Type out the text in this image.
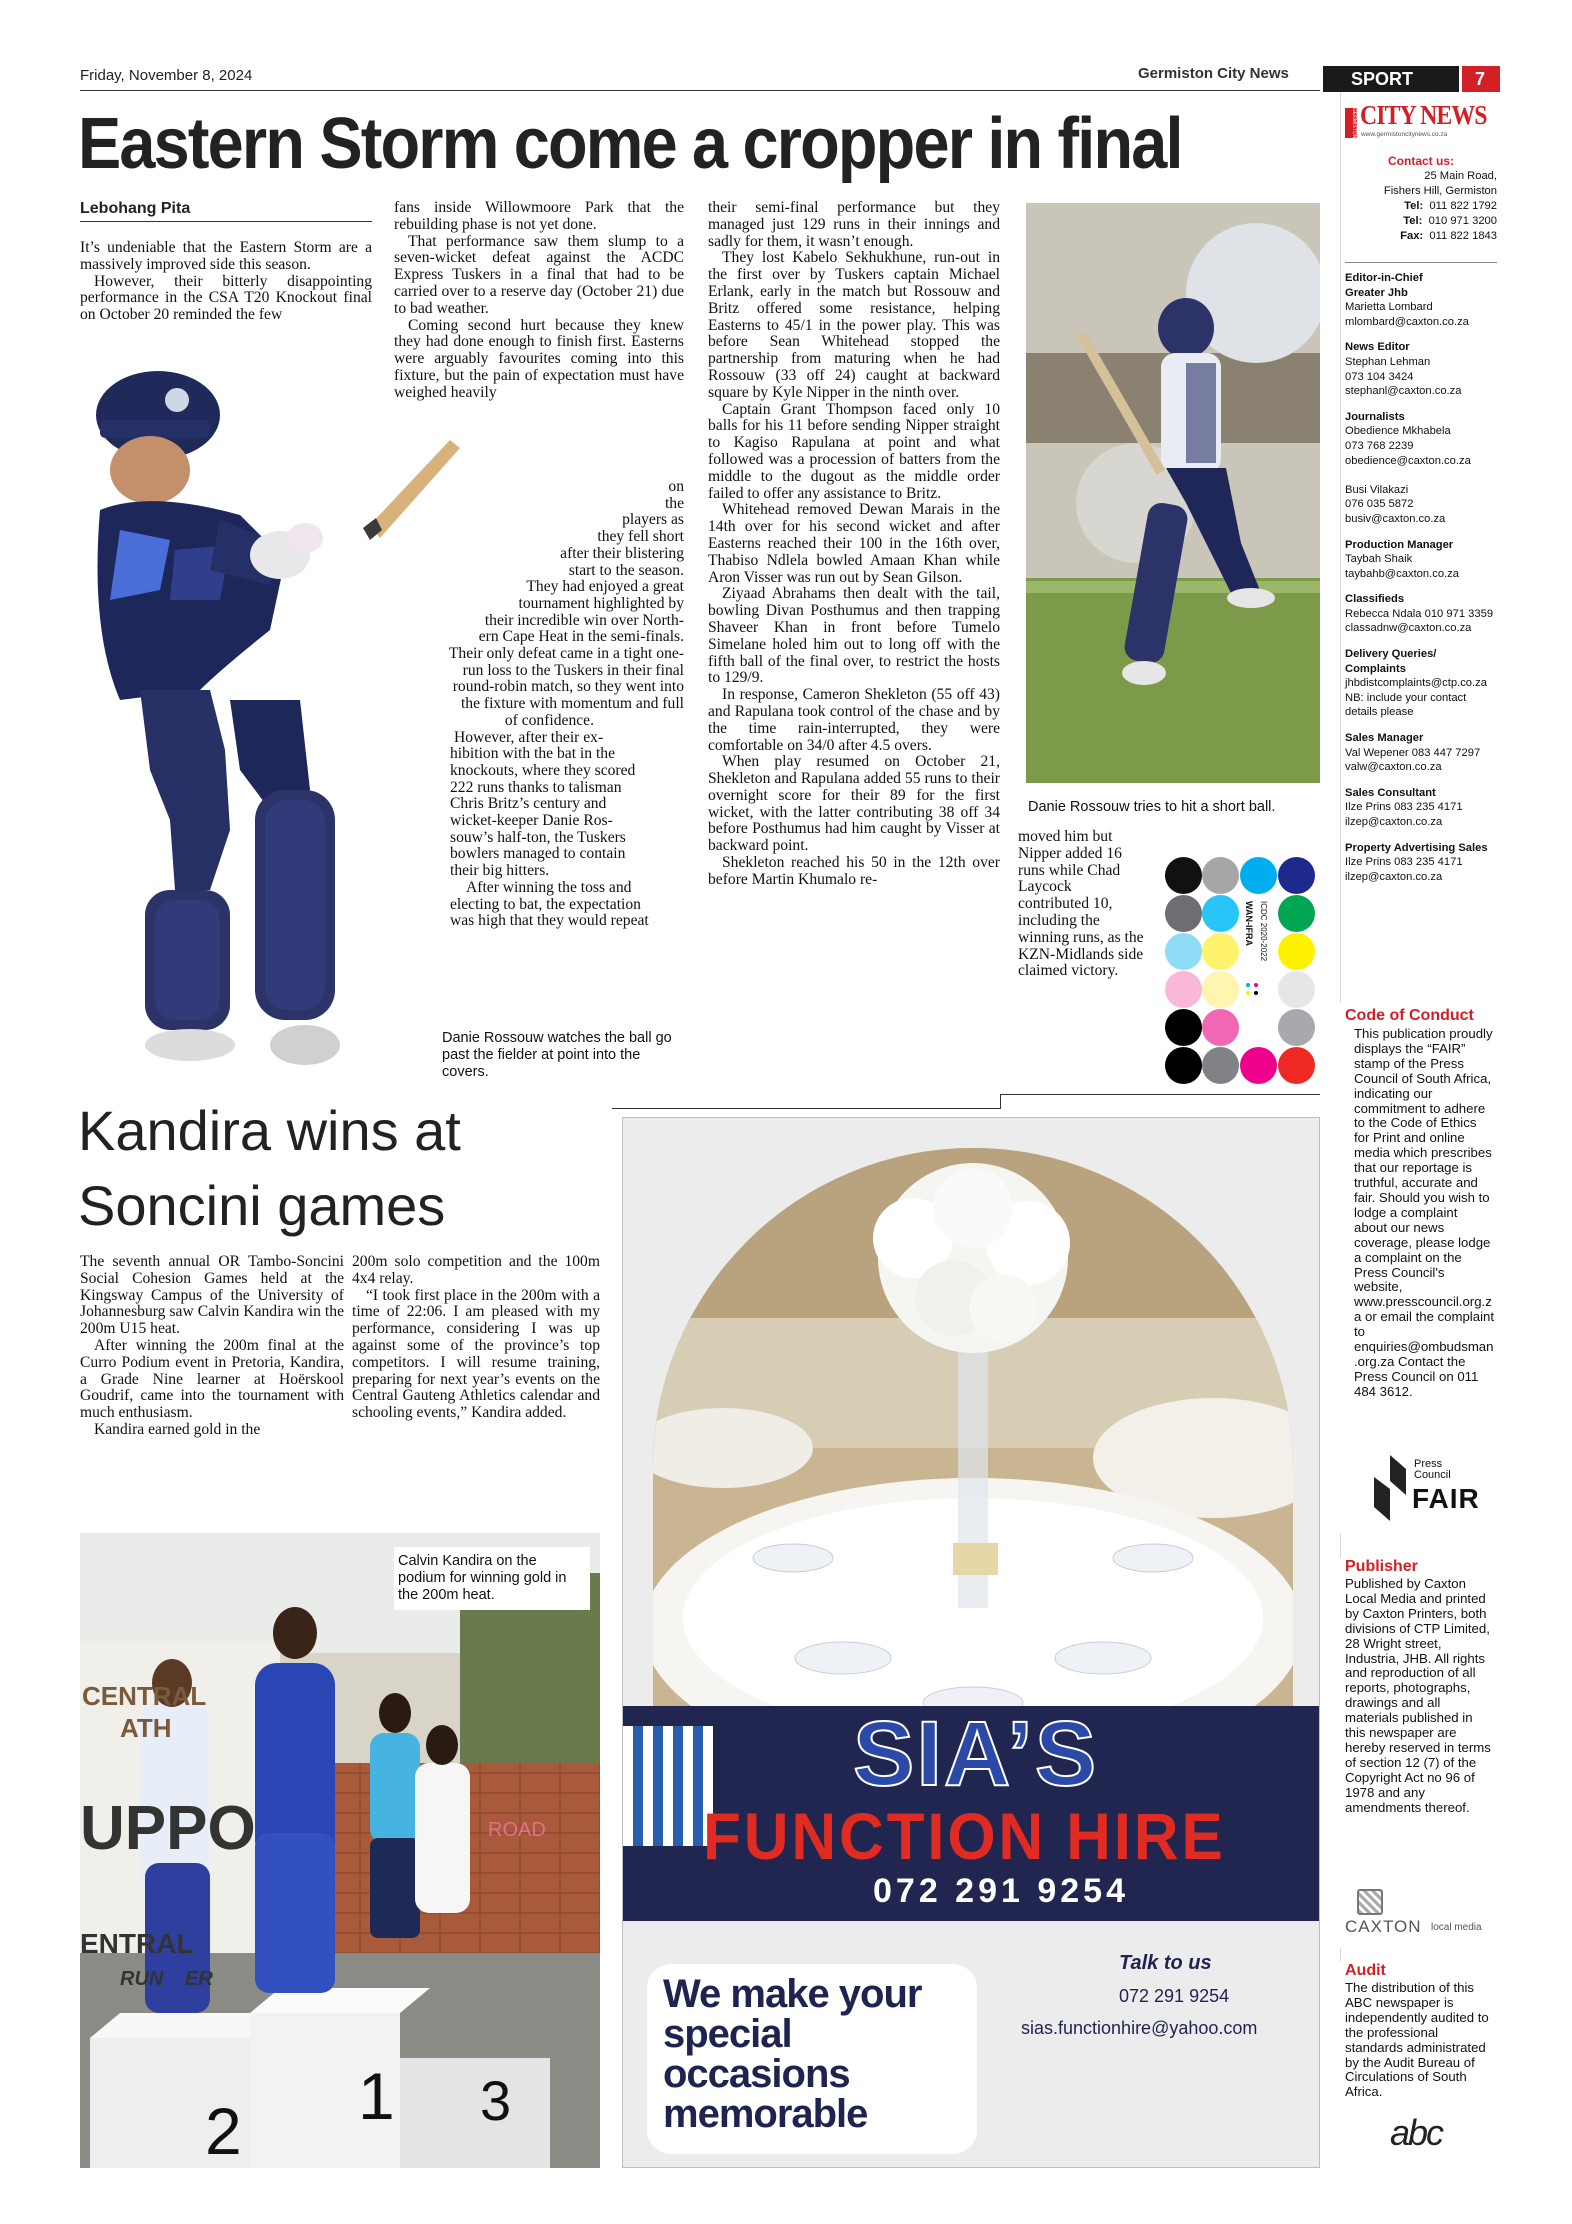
Friday, November 8, 2024	Germiston City News	SPORT	7
Eastern Storm come a cropper in final
Lebohang Pita

It’s undeniable that the Eastern Storm are a massively improved side this season.

However, their bitterly disappointing performance in the CSA T20 Knockout final on October 20 reminded the few

fans inside Willowmoore Park that the rebuilding phase is not yet done.

That performance saw them slump to a seven-wicket defeat against the ACDC Express Tuskers in a final that had to be carried over to a reserve day (October 21) due to bad weather.

Coming second hurt because they knew they had done enough to finish first. Easterns were arguably favourites coming into this fixture, but the pain of expectation must have weighed heavily

on
the
players as
they fell short
after their blistering
start to the season.
They had enjoyed a great
tournament highlighted by
their incredible win over North-
ern Cape Heat in the semi-finals.
Their only defeat came in a tight one-
run loss to the Tuskers in their final
round-robin match, so they went into
the fixture with momentum and full
of confidence.
However, after their ex-
hibition with the bat in the
knockouts, where they scored
222 runs thanks to talisman
Chris Britz’s century and
wicket-keeper Danie Ros-
souw’s half-ton, the Tuskers
bowlers managed to contain
their big hitters.
After winning the toss and
electing to bat, the expectation
was high that they would repeat
Danie Rossouw watches the ball go past the fielder at point into the covers.

their semi-final performance but they managed just 129 runs in their innings and sadly for them, it wasn’t enough.

They lost Kabelo Sekhukhune, run-out in the first over by Tuskers captain Michael Erlank, early in the match but Rossouw and Britz offered some resistance, helping Easterns to 45/1 in the power play. This was before Sean Whitehead stopped the partnership from maturing when he had Rossouw (33 off 24) caught at backward square by Kyle Nipper in the ninth over.

Captain Grant Thompson faced only 10 balls for his 11 before sending Nipper straight to Kagiso Rapulana at point and what followed was a procession of batters from the middle to the dugout as the middle order failed to offer any assistance to Britz.

Whitehead removed Dewan Marais in the 14th over for his second wicket and after Easterns reached their 100 in the 16th over, Thabiso Ndlela bowled Amaan Khan while Aron Visser was run out by Sean Gilson.

Ziyaad Abrahams then dealt with the tail, bowling Divan Posthumus and then trapping Shaveer Khan in front before Tumelo Simelane holed him out to long off with the fifth ball of the final over, to restrict the hosts to 129/9.

In response, Cameron Shekleton (55 off 43) and Rapulana took control of the chase and by the time rain-interrupted, they were comfortable on 34/0 after 4.5 overs.

When play resumed on October 21, Shekleton and Rapulana added 55 runs to their overnight score for their 89 for the first wicket, with the latter contributing 38 off 34 before Posthumus had him caught by Visser at backward point.

Shekleton reached his 50 in the 12th over before Martin Khumalo re-

Danie Rossouw tries to hit a short ball.

moved him but Nipper added 16 runs while Chad Laycock contributed 10, including the winning runs, as the KZN-Midlands side claimed victory.

WAN-IFRA ICDC 2020-2022
Kandira wins at
Soncini games

The seventh annual OR Tambo-Soncini Social Cohesion Games held at the Kingsway Campus of the University of Johannesburg saw Calvin Kandira win the 200m U15 heat.

After winning the 200m final at the Curro Podium event in Pretoria, Kandira, a Grade Nine learner at Hoërskool Goudrif, came into the tournament with much enthusiasm.

Kandira earned gold in the

200m solo competition and the 100m 4x4 relay.

“I took first place in the 200m with a time of 22:06. I am pleased with my performance, considering I was up against some of the province’s top competitors. I will resume training, preparing for next year’s events on the Central Gauteng Athletics calendar and schooling events,” Kandira added.

CENTRAL
ATH
UPPO
ENTRAL
RUN ER
ROAD
2 1 3
Calvin Kandira on the podium for winning gold in the 200m heat.
SIA’S
FUNCTION HIRE
072 291 9254
We make your
special
occasions
memorable
Talk to us
072 291 9254
sias.functionhire@yahoo.com
GERMISTON CITY NEWS
www.germistoncitynews.co.za
Contact us:
25 Main Road,
Fishers Hill, Germiston
Tel: 011 822 1792
Tel: 010 971 3200
Fax: 011 822 1843
Editor-in-Chief
Greater Jhb
Marietta Lombard
mlombard@caxton.co.za
News Editor
Stephan Lehman
073 104 3424
stephanl@caxton.co.za
Journalists
Obedience Mkhabela
073 768 2239
obedience@caxton.co.za

Busi Vilakazi
076 035 5872
busiv@caxton.co.za
Production Manager
Taybah Shaik
taybahb@caxton.co.za
Classifieds
Rebecca Ndala 010 971 3359
classadnw@caxton.co.za
Delivery Queries/
Complaints
jhbdistcomplaints@ctp.co.za
NB: include your contact
details please
Sales Manager
Val Wepener 083 447 7297
valw@caxton.co.za
Sales Consultant
Ilze Prins 083 235 4171
ilzep@caxton.co.za
Property Advertising Sales
Ilze Prins 083 235 4171
ilzep@caxton.co.za
Code of Conduct
This publication proudly displays the “FAIR” stamp of the Press Council of South Africa, indicating our commitment to adhere to the Code of Ethics for Print and online media which prescribes that our reportage is truthful, accurate and fair. Should you wish to lodge a complaint about our news coverage, please lodge a complaint on the Press Council's website, www.presscouncil.org.za or email the complaint to enquiries@ombudsman.org.za Contact the Press Council on 011 484 3612.
Press
Council
FAIR
Publisher
Published by Caxton Local Media and printed by Caxton Printers, both divisions of CTP Limited, 28 Wright street, Industria, JHB. All rights and reproduction of all reports, photographs, drawings and all materials published in this newspaper are hereby reserved in terms of section 12 (7) of the Copyright Act no 96 of 1978 and any amendments thereof.
CAXTON local media
Audit
The distribution of this ABC newspaper is independently audited to the professional standards administrated by the Audit Bureau of Circulations of South Africa.
abc
